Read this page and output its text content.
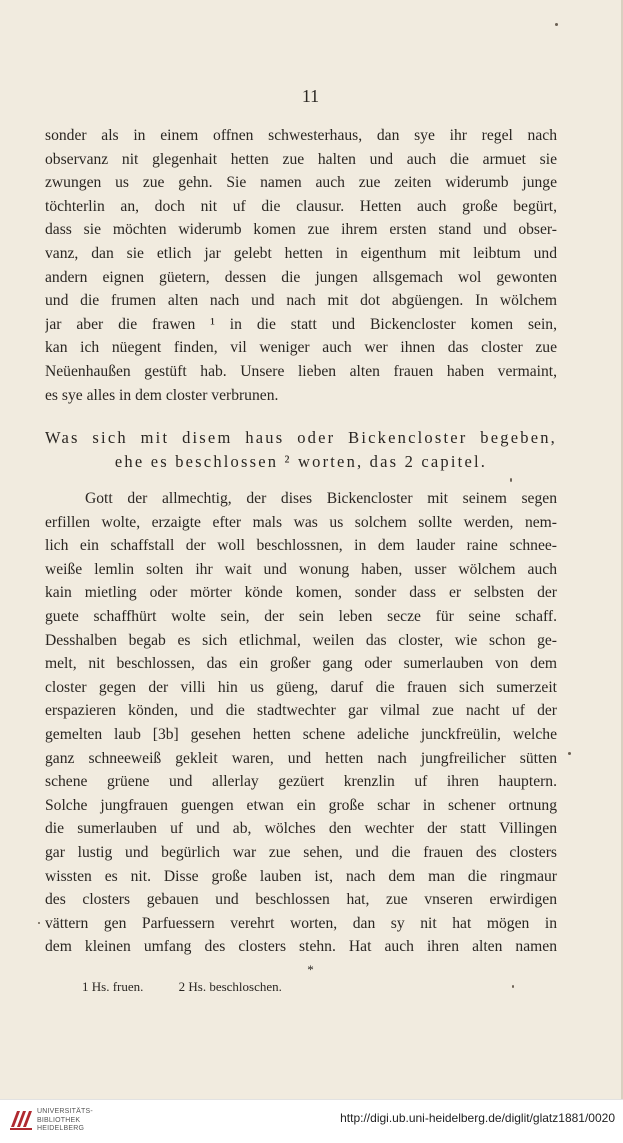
11
sonder als in einem offnen schwesterhaus, dan sye ihr regel nach
observanz nit glegenhait hetten zue halten und auch die armuet sie
zwungen us zue gehn. Sie namen auch zue zeiten widerumb junge
töchterlin an, doch nit uf die clausur. Hetten auch große begürt,
dass sie möchten widerumb komen zue ihrem ersten stand und obser-
vanz, dan sie etlich jar gelebt hetten in eigenthum mit leibtum und
andern eignen güetern, dessen die jungen allsgemach wol gewonten
und die frumen alten nach und nach mit dot abgüengen. In wölchem
jar aber die frawen ¹ in die statt und Bickencloster komen sein,
kan ich nüegent finden, vil weniger auch wer ihnen das closter zue
Neüenhaußen gestüft hab. Unsere lieben alten frauen haben vermaint,
es sye alles in dem closter verbrunen.
Was sich mit disem haus oder Bickencloster begeben,
ehe es beschlossen ² worten, das 2 capitel.
Gott der allmechtig, der dises Bickencloster mit seinem segen
erfillen wolte, erzaigte efter mals was us solchem sollte werden, nem-
lich ein schaffstall der woll beschlossnen, in dem lauder raine schnee-
weiße lemlin solten ihr wait und wonung haben, usser wölchem auch
kain mietling oder mörter könde komen, sonder dass er selbsten der
guete schaffhürt wolte sein, der sein leben secze für seine schaff.
Desshalben begab es sich etlichmal, weilen das closter, wie schon ge-
melt, nit beschlossen, das ein großer gang oder sumerlauben von dem
closter gegen der villi hin us güeng, daruf die frauen sich sumerzeit
erspazieren könden, und die stadtwechter gar vilmal zue nacht uf der
gemelten laub [3b] gesehen hetten schene adeliche junckfreülin, welche
ganz schneeweiß gekleit waren, und hetten nach jungfreilicher sütten
schene grüene und allerlay gezüert krenzlin uf ihren hauptern.
Solche jungfrauen guengen etwan ein große schar in schener ortnung
die sumerlauben uf und ab, wölches den wechter der statt Villingen
gar lustig und begürlich war zue sehen, und die frauen des closters
wissten es nit. Disse große lauben ist, nach dem man die ringmaur
des closters gebauen und beschlossen hat, zue vnseren erwirdigen
vättern gen Parfuessern verehrt worten, dan sy nit hat mögen in
dem kleinen umfang des closters stehn. Hat auch ihren alten namen
*
1 Hs. fruen.	2 Hs. beschloschen.
UNIVERSITÄTS-
BIBLIOTHEK
HEIDELBERG
http://digi.ub.uni-heidelberg.de/diglit/glatz1881/0020
